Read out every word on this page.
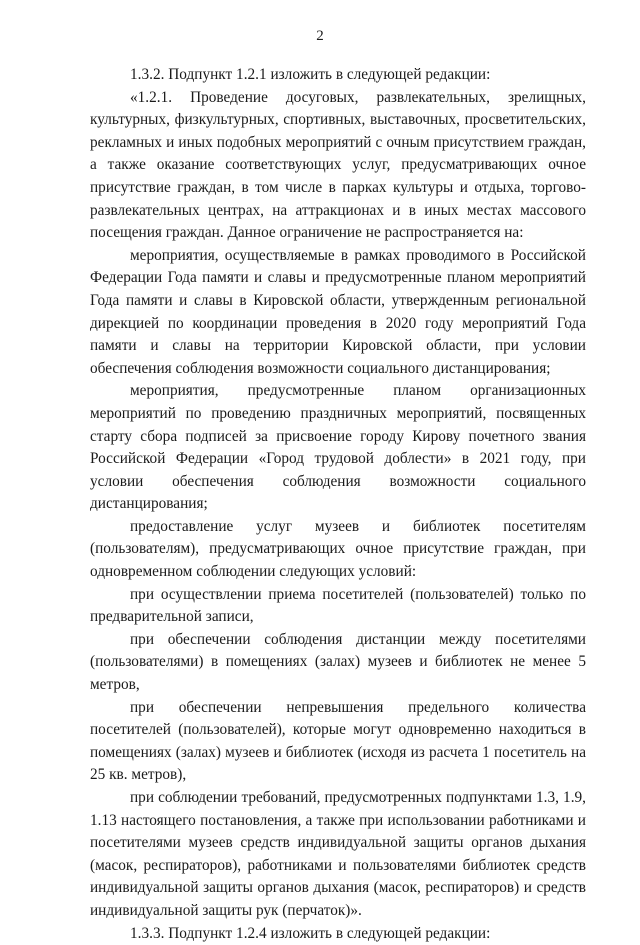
2

1.3.2. Подпункт 1.2.1 изложить в следующей редакции:

«1.2.1. Проведение досуговых, развлекательных, зрелищных, культурных, физкультурных, спортивных, выставочных, просветительских, рекламных и иных подобных мероприятий с очным присутствием граждан, а также оказание соответствующих услуг, предусматривающих очное присутствие граждан, в том числе в парках культуры и отдыха, торгово-развлекательных центрах, на аттракционах и в иных местах массового посещения граждан. Данное ограничение не распространяется на:

мероприятия, осуществляемые в рамках проводимого в Российской Федерации Года памяти и славы и предусмотренные планом мероприятий Года памяти и славы в Кировской области, утвержденным региональной дирекцией по координации проведения в 2020 году мероприятий Года памяти и славы на территории Кировской области, при условии обеспечения соблюдения возможности социального дистанцирования;

мероприятия, предусмотренные планом организационных мероприятий по проведению праздничных мероприятий, посвященных старту сбора подписей за присвоение городу Кирову почетного звания Российской Федерации «Город трудовой доблести» в 2021 году, при условии обеспечения соблюдения возможности социального дистанцирования;

предоставление услуг музеев и библиотек посетителям (пользователям), предусматривающих очное присутствие граждан, при одновременном соблюдении следующих условий:

при осуществлении приема посетителей (пользователей) только по предварительной записи,

при обеспечении соблюдения дистанции между посетителями (пользователями) в помещениях (залах) музеев и библиотек не менее 5 метров,

при обеспечении непревышения предельного количества посетителей (пользователей), которые могут одновременно находиться в помещениях (залах) музеев и библиотек (исходя из расчета 1 посетитель на 25 кв. метров),

при соблюдении требований, предусмотренных подпунктами 1.3, 1.9, 1.13 настоящего постановления, а также при использовании работниками и посетителями музеев средств индивидуальной защиты органов дыхания (масок, респираторов), работниками и пользователями библиотек средств индивидуальной защиты органов дыхания (масок, респираторов) и средств индивидуальной защиты рук (перчаток)».

1.3.3. Подпункт 1.2.4 изложить в следующей редакции:
